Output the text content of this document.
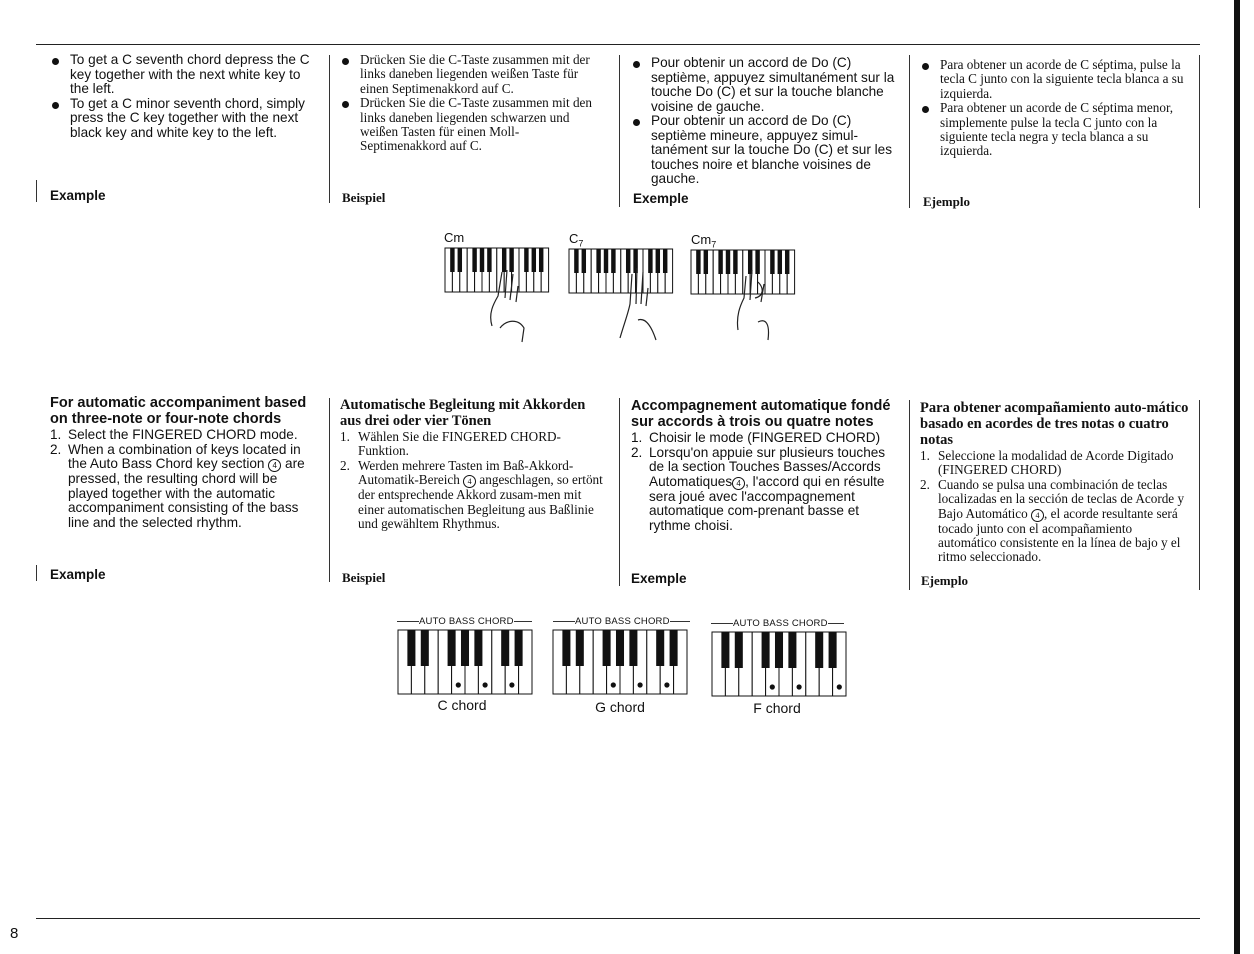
To get a C seventh chord depress the C key together with the next white key to the left.
To get a C minor seventh chord, simply press the C key together with the next black key and white key to the left.
Example
Drücken Sie die C-Taste zusammen mit der links daneben liegenden weißen Taste für einen Septimenakkord auf C.
Drücken Sie die C-Taste zusammen mit den links daneben liegenden schwarzen und weißen Tasten für einen Moll-Septimenakkord auf C.
Beispiel
Pour obtenir un accord de Do (C) septième, appuyez simultanément sur la touche Do (C) et sur la touche blanche voisine de gauche.
Pour obtenir un accord de Do (C) septième mineure, appuyez simul-tanément sur la touche Do (C) et sur les touches noire et blanche voisines de gauche.
Exemple
Para obtener un acorde de C séptima, pulse la tecla C junto con la siguiente tecla blanca a su izquierda.
Para obtener un acorde de C séptima menor, simplemente pulse la tecla C junto con la siguiente tecla negra y tecla blanca a su izquierda.
Ejemplo
Cm	$C_7$	$Cm_7$
For automatic accompaniment based on three-note or four-note chords
1. Select the FINGERED CHORD mode.
2. When a combination of keys located in the Auto Bass Chord key section 4 are pressed, the resulting chord will be played together with the automatic accompaniment consisting of the bass line and the selected rhythm.
Example
Automatische Begleitung mit Akkorden aus drei oder vier Tönen
1. Wählen Sie die FINGERED CHORD-Funktion.
2. Werden mehrere Tasten im Baß-Akkord-Automatik-Bereich 4 angeschlagen, so ertönt der entsprechende Akkord zusam-men mit einer automatischen Begleitung aus Baßlinie und gewähltem Rhythmus.
Beispiel
Accompagnement automatique fondé sur accords à trois ou quatre notes
1. Choisir le mode (FINGERED CHORD)
2. Lorsqu'on appuie sur plusieurs touches de la section Touches Basses/Accords Automatiques 4 , l'accord qui en résulte sera joué avec l'accompagnement automatique com-prenant basse et rythme choisi.
Exemple
Para obtener acompañamiento auto-mático basado en acordes de tres notas o cuatro notas
1. Seleccione la modalidad de Acorde Digitado (FINGERED CHORD)
2. Cuando se pulsa una combinación de teclas localizadas en la sección de teclas de Acorde y Bajo Automático 4 , el acorde resultante será tocado junto con el acompañamiento automático consistente en la línea de bajo y el ritmo seleccionado.
Ejemplo
AUTO BASS CHORD	AUTO BASS CHORD	AUTO BASS CHORD
C chord	G chord	F chord
8
